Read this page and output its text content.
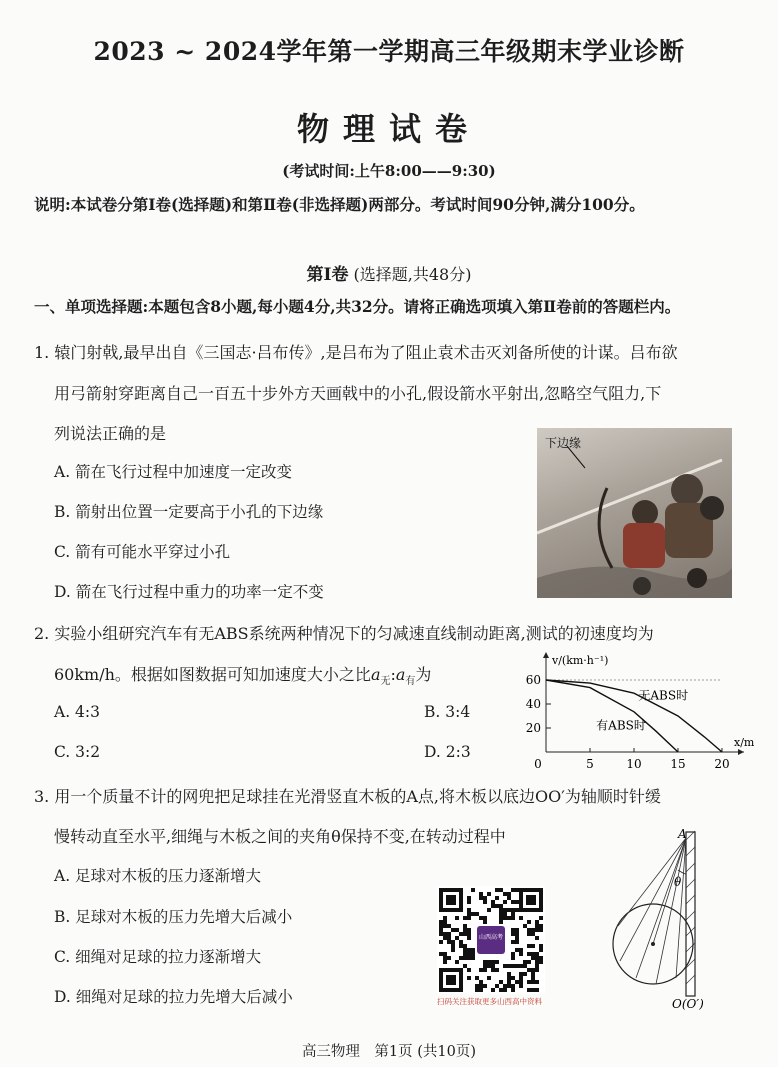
2023 ~ 2024学年第一学期高三年级期末学业诊断
物理试卷
(考试时间:上午8:00——9:30)
说明:本试卷分第Ⅰ卷(选择题)和第Ⅱ卷(非选择题)两部分。考试时间90分钟,满分100分。
第Ⅰ卷 (选择题,共48分)
一、单项选择题:本题包含8小题,每小题4分,共32分。请将正确选项填入第Ⅱ卷前的答题栏内。
1. 辕门射戟,最早出自《三国志·吕布传》,是吕布为了阻止袁术击灭刘备所使的计谋。吕布欲
用弓箭射穿距离自己一百五十步外方天画戟中的小孔,假设箭水平射出,忽略空气阻力,下
列说法正确的是
A. 箭在飞行过程中加速度一定改变
B. 箭射出位置一定要高于小孔的下边缘
C. 箭有可能水平穿过小孔
D. 箭在飞行过程中重力的功率一定不变
下边缘
2. 实验小组研究汽车有无ABS系统两种情况下的匀减速直线制动距离,测试的初速度均为
60km/h。根据如图数据可知加速度大小之比$a_无:a_有$为
A. 4:3	B. 3:4
C. 3:2	D. 2:3
20
40
60
5	10 15 20
0
v/(km·h⁻¹)
x/m
无ABS时
有ABS时
3. 用一个质量不计的网兜把足球挂在光滑竖直木板的A点,将木板以底边OO′为轴顺时针缓
慢转动直至水平,细绳与木板之间的夹角θ保持不变,在转动过程中
A. 足球对木板的压力逐渐增大
B. 足球对木板的压力先增大后减小
C. 细绳对足球的拉力逐渐增大
D. 细绳对足球的拉力先增大后减小
A
θ
O(O′)
山西高考
扫码关注获取更多山西高中资料
高三物理　第1页 (共10页)
